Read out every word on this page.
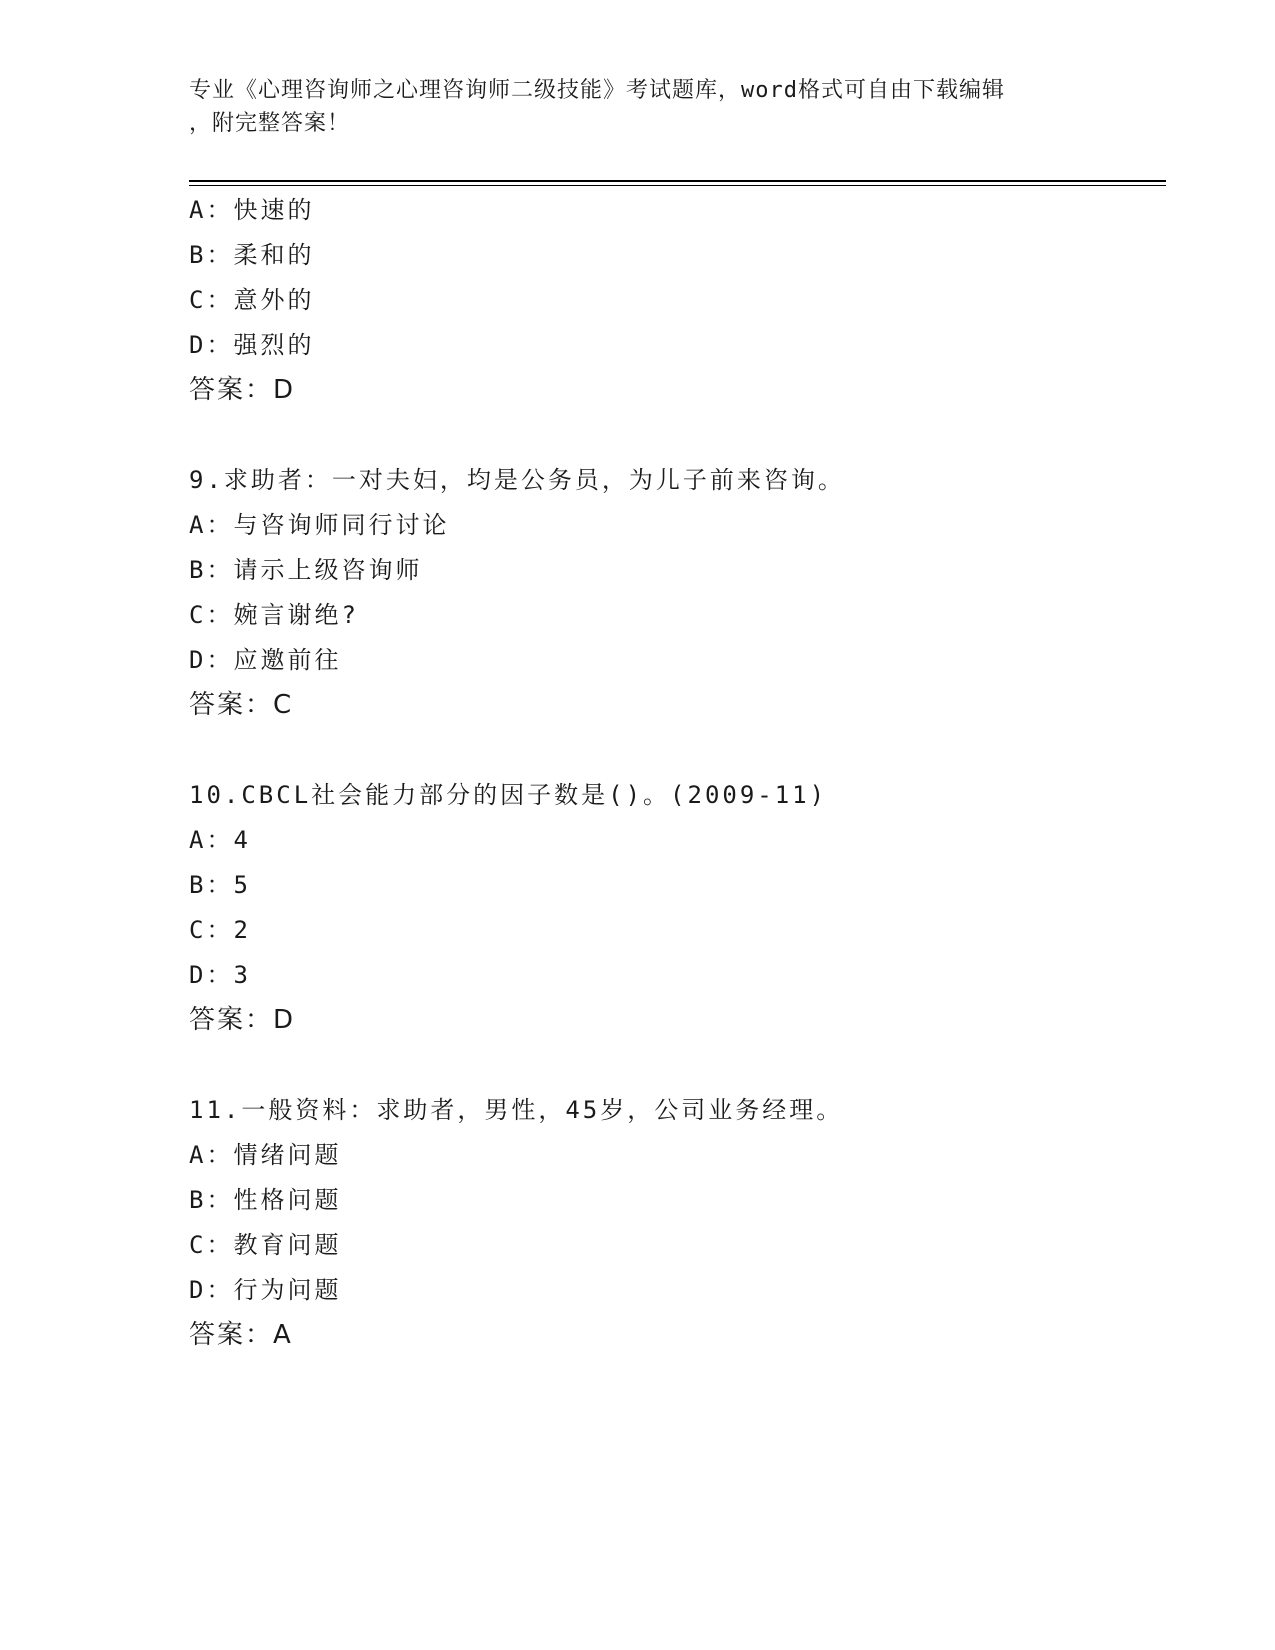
专业《心理咨询师之心理咨询师二级技能》考试题库，word格式可自由下载编辑
，附完整答案！
A：快速的
B：柔和的
C：意外的
D：强烈的
答案：D
9.求助者：一对夫妇，均是公务员，为儿子前来咨询。
A：与咨询师同行讨论
B：请示上级咨询师
C：婉言谢绝?
D：应邀前往
答案：C
10.CBCL社会能力部分的因子数是()。(2009-11)
A：4
B：5
C：2
D：3
答案：D
11.一般资料：求助者，男性，45岁，公司业务经理。
A：情绪问题
B：性格问题
C：教育问题
D：行为问题
答案：A
